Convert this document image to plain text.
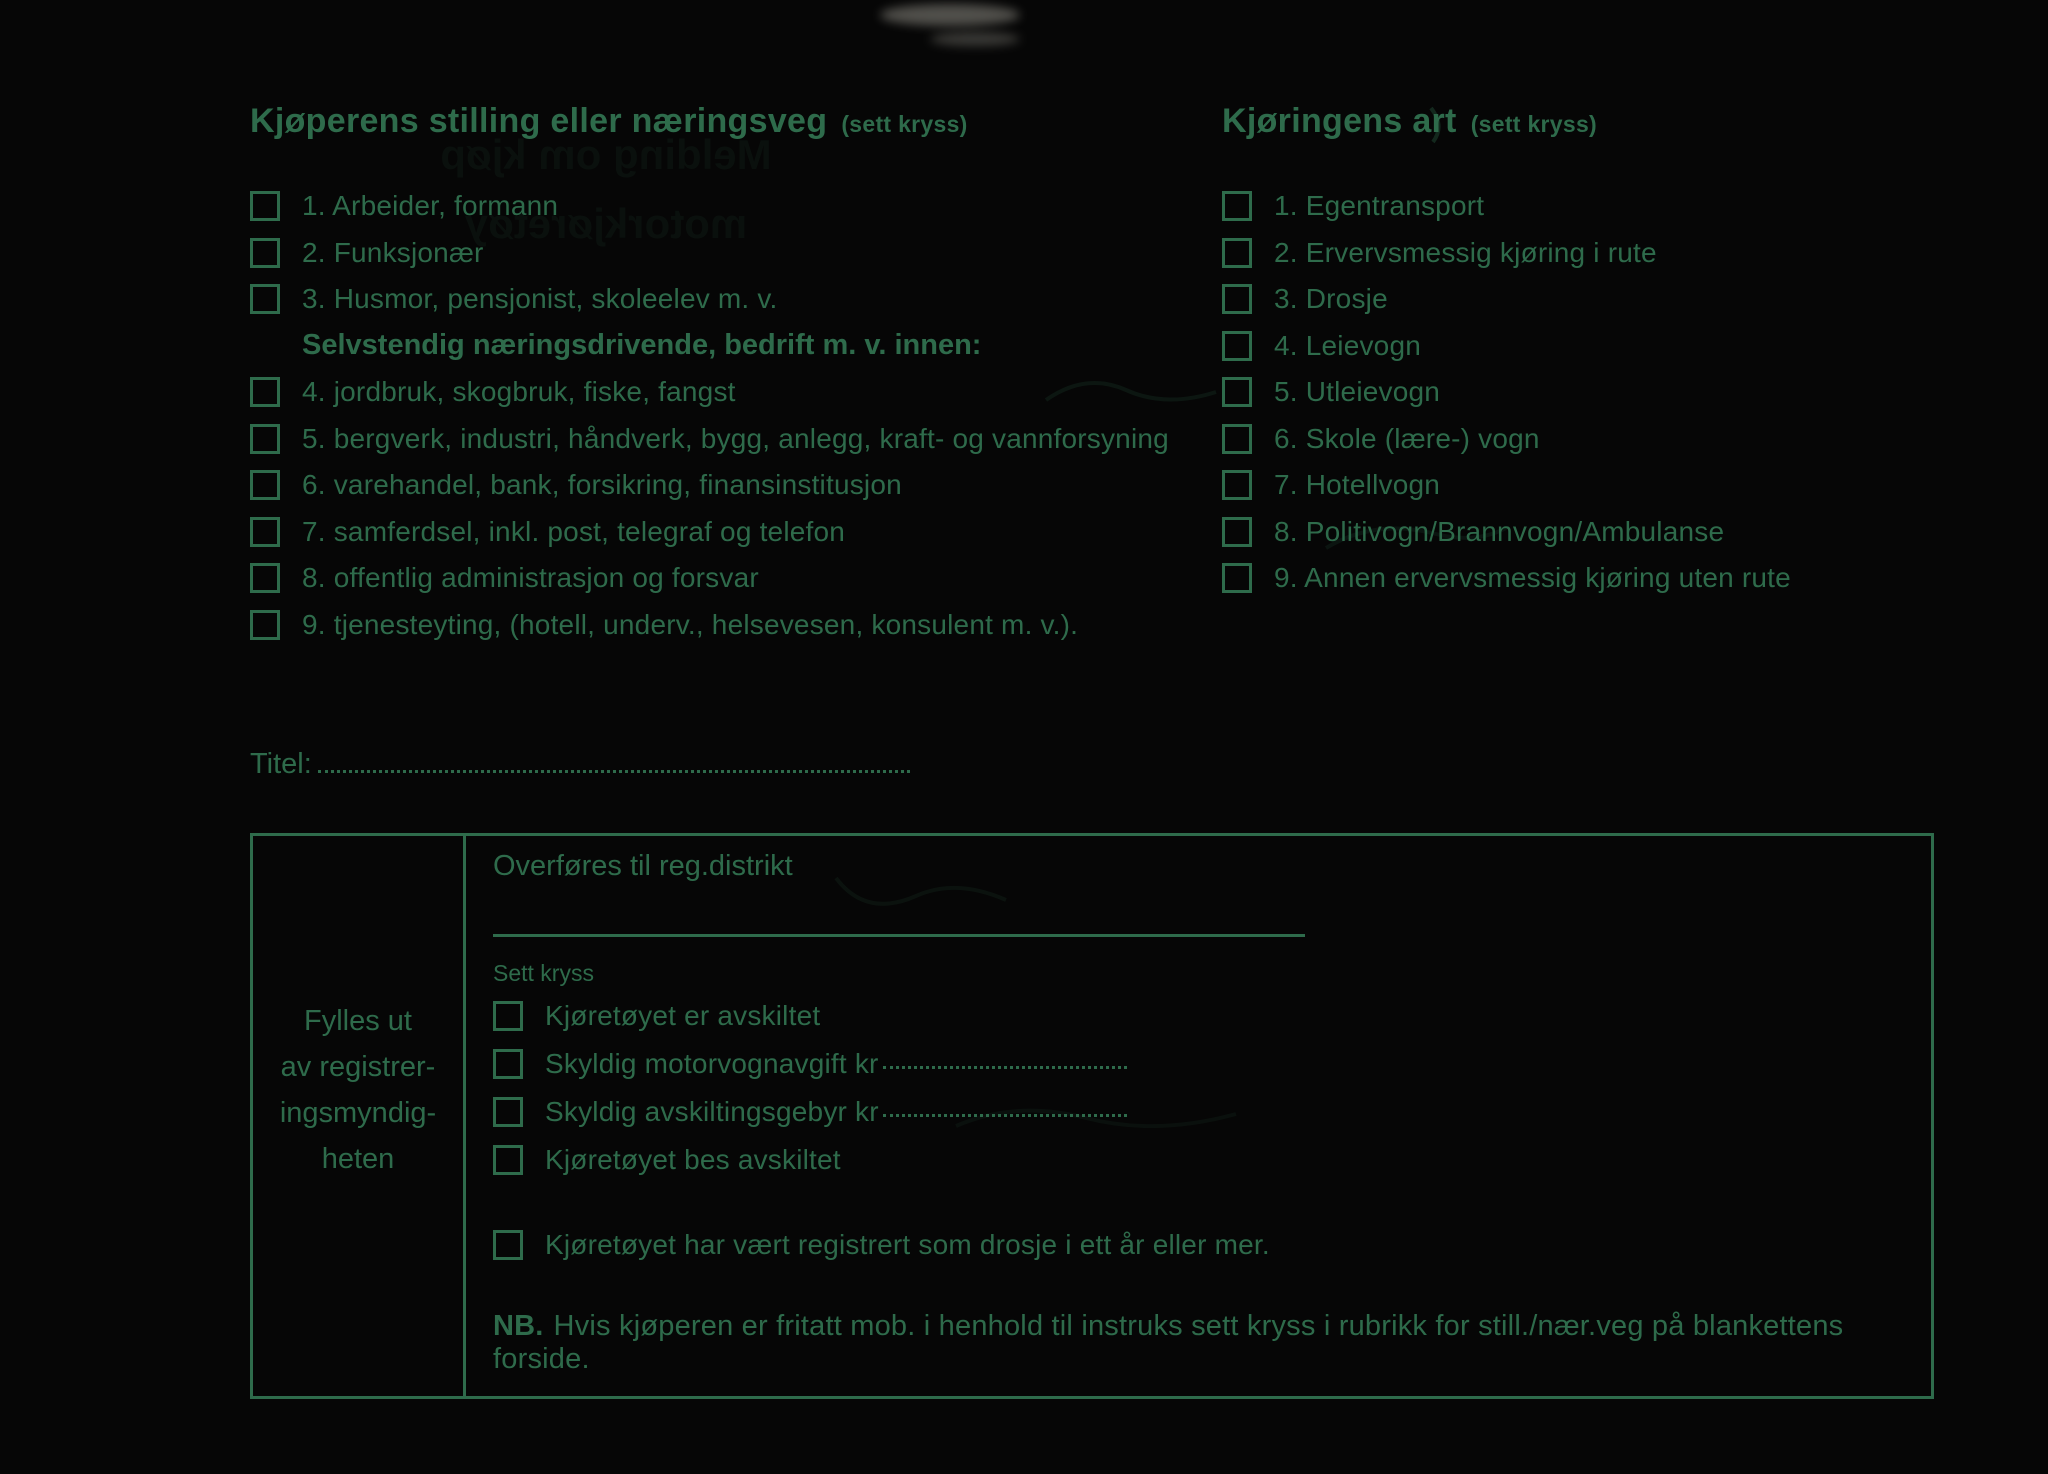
Melding om kjøp
motorkjøretøy
Kjøperens stilling eller næringsveg (sett kryss)
1. Arbeider, formann
2. Funksjonær
3. Husmor, pensjonist, skoleelev m. v.
Selvstendig næringsdrivende, bedrift m. v. innen:
4. jordbruk, skogbruk, fiske, fangst
5. bergverk, industri, håndverk, bygg, anlegg, kraft- og vannforsyning
6. varehandel, bank, forsikring, finansinstitusjon
7. samferdsel, inkl. post, telegraf og telefon
8. offentlig administrasjon og forsvar
9. tjenesteyting, (hotell, underv., helsevesen, konsulent m. v.).
Kjøringens art (sett kryss)
1. Egentransport
2. Ervervsmessig kjøring i rute
3. Drosje
4. Leievogn
5. Utleievogn
6. Skole (lære-) vogn
7. Hotellvogn
8. Politivogn/Brannvogn/Ambulanse
9. Annen ervervsmessig kjøring uten rute
Titel:
Fylles ut
av registrer-
ingsmyndig-
heten
Overføres til reg.distrikt
Sett kryss
Kjøretøyet er avskiltet
Skyldig motorvognavgift kr
Skyldig avskiltingsgebyr kr
Kjøretøyet bes avskiltet
Kjøretøyet har vært registrert som drosje i ett år eller mer.
NB. Hvis kjøperen er fritatt mob. i henhold til instruks sett kryss i rubrikk for still./nær.veg på blankettens forside.
